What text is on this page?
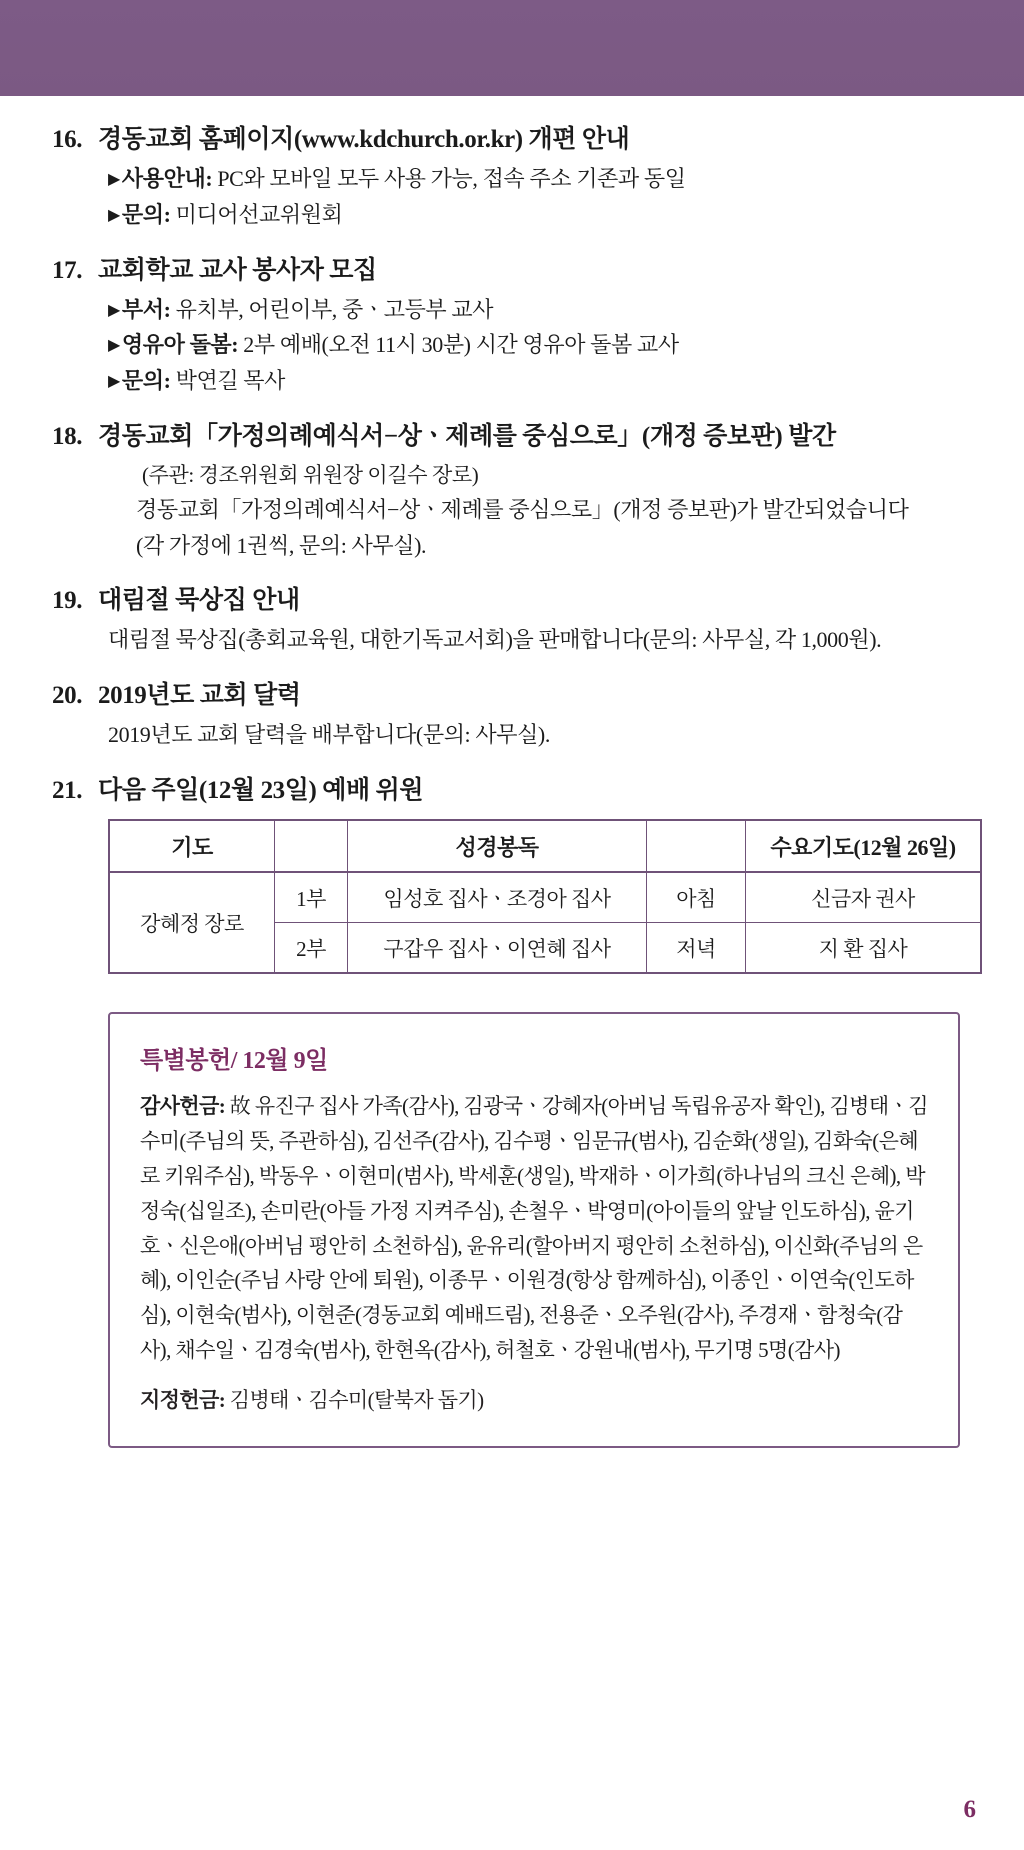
16. 경동교회 홈페이지(www.kdchurch.or.kr) 개편 안내
▶사용안내: PC와 모바일 모두 사용 가능, 접속 주소 기존과 동일
▶문의: 미디어선교위원회
17. 교회학교 교사 봉사자 모집
▶부서: 유치부, 어린이부, 중ㆍ고등부 교사
▶영유아 돌봄: 2부 예배(오전 11시 30분) 시간 영유아 돌봄 교사
▶문의: 박연길 목사
18. 경동교회「가정의례예식서−상ㆍ제례를 중심으로」(개정 증보판) 발간
(주관: 경조위원회 위원장 이길수 장로)
경동교회「가정의례예식서−상ㆍ제례를 중심으로」(개정 증보판)가 발간되었습니다
(각 가정에 1권씩, 문의: 사무실).
19. 대림절 묵상집 안내
대림절 묵상집(총회교육원, 대한기독교서회)을 판매합니다(문의: 사무실, 각 1,000원).
20. 2019년도 교회 달력
2019년도 교회 달력을 배부합니다(문의: 사무실).
21. 다음 주일(12월 23일) 예배 위원
기도		성경봉독		수요기도(12월 26일)
강혜정 장로	1부	임성호 집사ㆍ조경아 집사	아침	신금자 권사
	2부	구갑우 집사ㆍ이연혜 집사	저녁	지 환 집사
특별봉헌/ 12월 9일
감사헌금: 故 유진구 집사 가족(감사), 김광국ㆍ강혜자(아버님 독립유공자 확인), 김병태ㆍ김수미(주님의 뜻, 주관하심), 김선주(감사), 김수평ㆍ임문규(범사), 김순화(생일), 김화숙(은혜로 키워주심), 박동우ㆍ이현미(범사), 박세훈(생일), 박재하ㆍ이가희(하나님의 크신 은혜), 박정숙(십일조), 손미란(아들 가정 지켜주심), 손철우ㆍ박영미(아이들의 앞날 인도하심), 윤기호ㆍ신은애(아버님 평안히 소천하심), 윤유리(할아버지 평안히 소천하심), 이신화(주님의 은혜), 이인순(주님 사랑 안에 퇴원), 이종무ㆍ이원경(항상 함께하심), 이종인ㆍ이연숙(인도하심), 이현숙(범사), 이현준(경동교회 예배드림), 전용준ㆍ오주원(감사), 주경재ㆍ함청숙(감사), 채수일ㆍ김경숙(범사), 한현옥(감사), 허철호ㆍ강원내(범사), 무기명 5명(감사)
지정헌금: 김병태ㆍ김수미(탈북자 돕기)
6
